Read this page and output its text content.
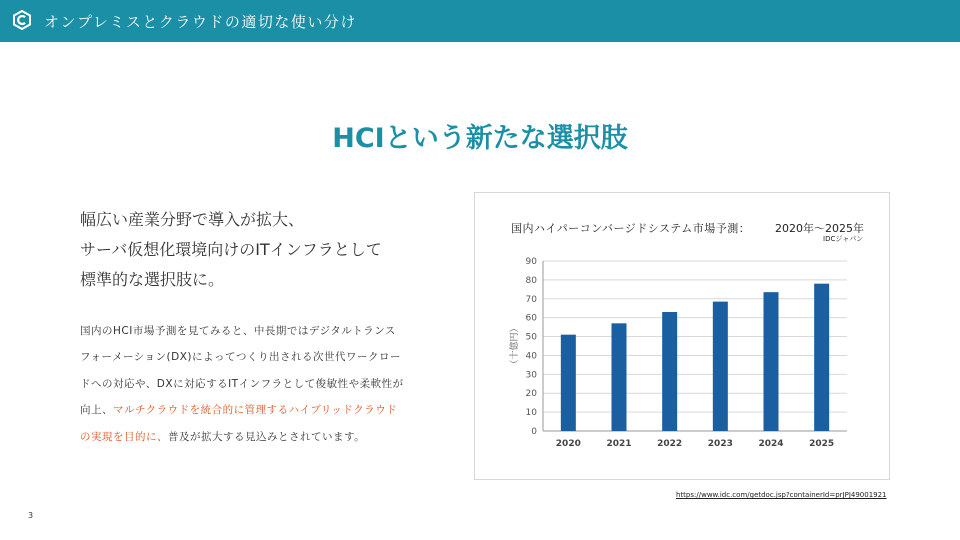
オンプレミスとクラウドの適切な使い分け
HCIという新たな選択肢
幅広い産業分野で導入が拡大、
サーバ仮想化環境向けのITインフラとして
標準的な選択肢に。
国内のHCI市場予測を見てみると、中長期ではデジタルトランス
フォーメーション(DX)によってつくり出される次世代ワークロー
ドへの対応や、DXに対応するITインフラとして俊敏性や柔軟性が
向上、マルチクラウドを統合的に管理するハイブリッドクラウド
の実現を目的に、普及が拡大する見込みとされています。
国内ハイパーコンバージドシステム市場予測： 2020年～2025年
IDCジャパン
0
10
20
30
40
50
60
70
80
90
2020	2021	2022	2023	2024	2025
（十億円）
https://www.idc.com/getdoc.jsp?containerId=prJPJ49001921
3
